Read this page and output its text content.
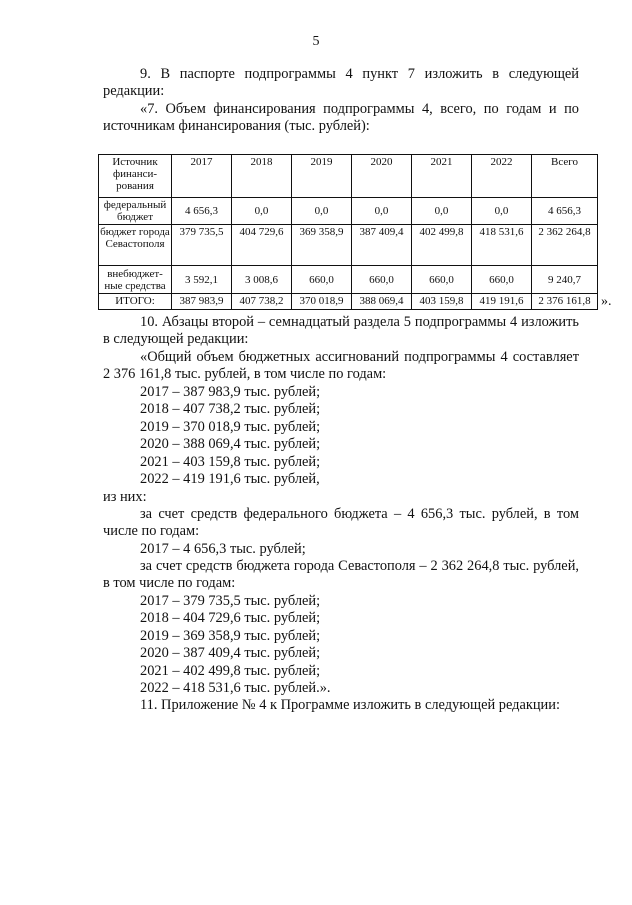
5
9. В паспорте подпрограммы 4 пункт 7 изложить в следующей редакции:
«7. Объем финансирования подпрограммы 4, всего, по годам и по источникам финансирования (тыс. рублей):
Источник финанси-рования	2017	2018	2019	2020	2021	2022	Всего
федеральный бюджет	4 656,3	0,0	0,0	0,0	0,0	0,0	4 656,3
бюджет города Севастополя	379 735,5	404 729,6	369 358,9	387 409,4	402 499,8	418 531,6	2 362 264,8
внебюджет-ные средства	3 592,1	3 008,6	660,0	660,0	660,0	660,0	9 240,7
ИТОГО:	387 983,9	407 738,2	370 018,9	388 069,4	403 159,8	419 191,6	2 376 161,8 ».
10. Абзацы второй – семнадцатый раздела 5 подпрограммы 4 изложить в следующей редакции:
«Общий объем бюджетных ассигнований подпрограммы 4 составляет 2 376 161,8 тыс. рублей, в том числе по годам:
2017 – 387 983,9 тыс. рублей;
2018 – 407 738,2 тыс. рублей;
2019 – 370 018,9 тыс. рублей;
2020 – 388 069,4 тыс. рублей;
2021 – 403 159,8 тыс. рублей;
2022 – 419 191,6 тыс. рублей,
из них:
за счет средств федерального бюджета – 4 656,3 тыс. рублей, в том числе по годам:
2017 – 4 656,3 тыс. рублей;
за счет средств бюджета города Севастополя – 2 362 264,8 тыс. рублей, в том числе по годам:
2017 – 379 735,5 тыс. рублей;
2018 – 404 729,6 тыс. рублей;
2019 – 369 358,9 тыс. рублей;
2020 – 387 409,4 тыс. рублей;
2021 – 402 499,8 тыс. рублей;
2022 – 418 531,6 тыс. рублей.».
11. Приложение № 4 к Программе изложить в следующей редакции:
